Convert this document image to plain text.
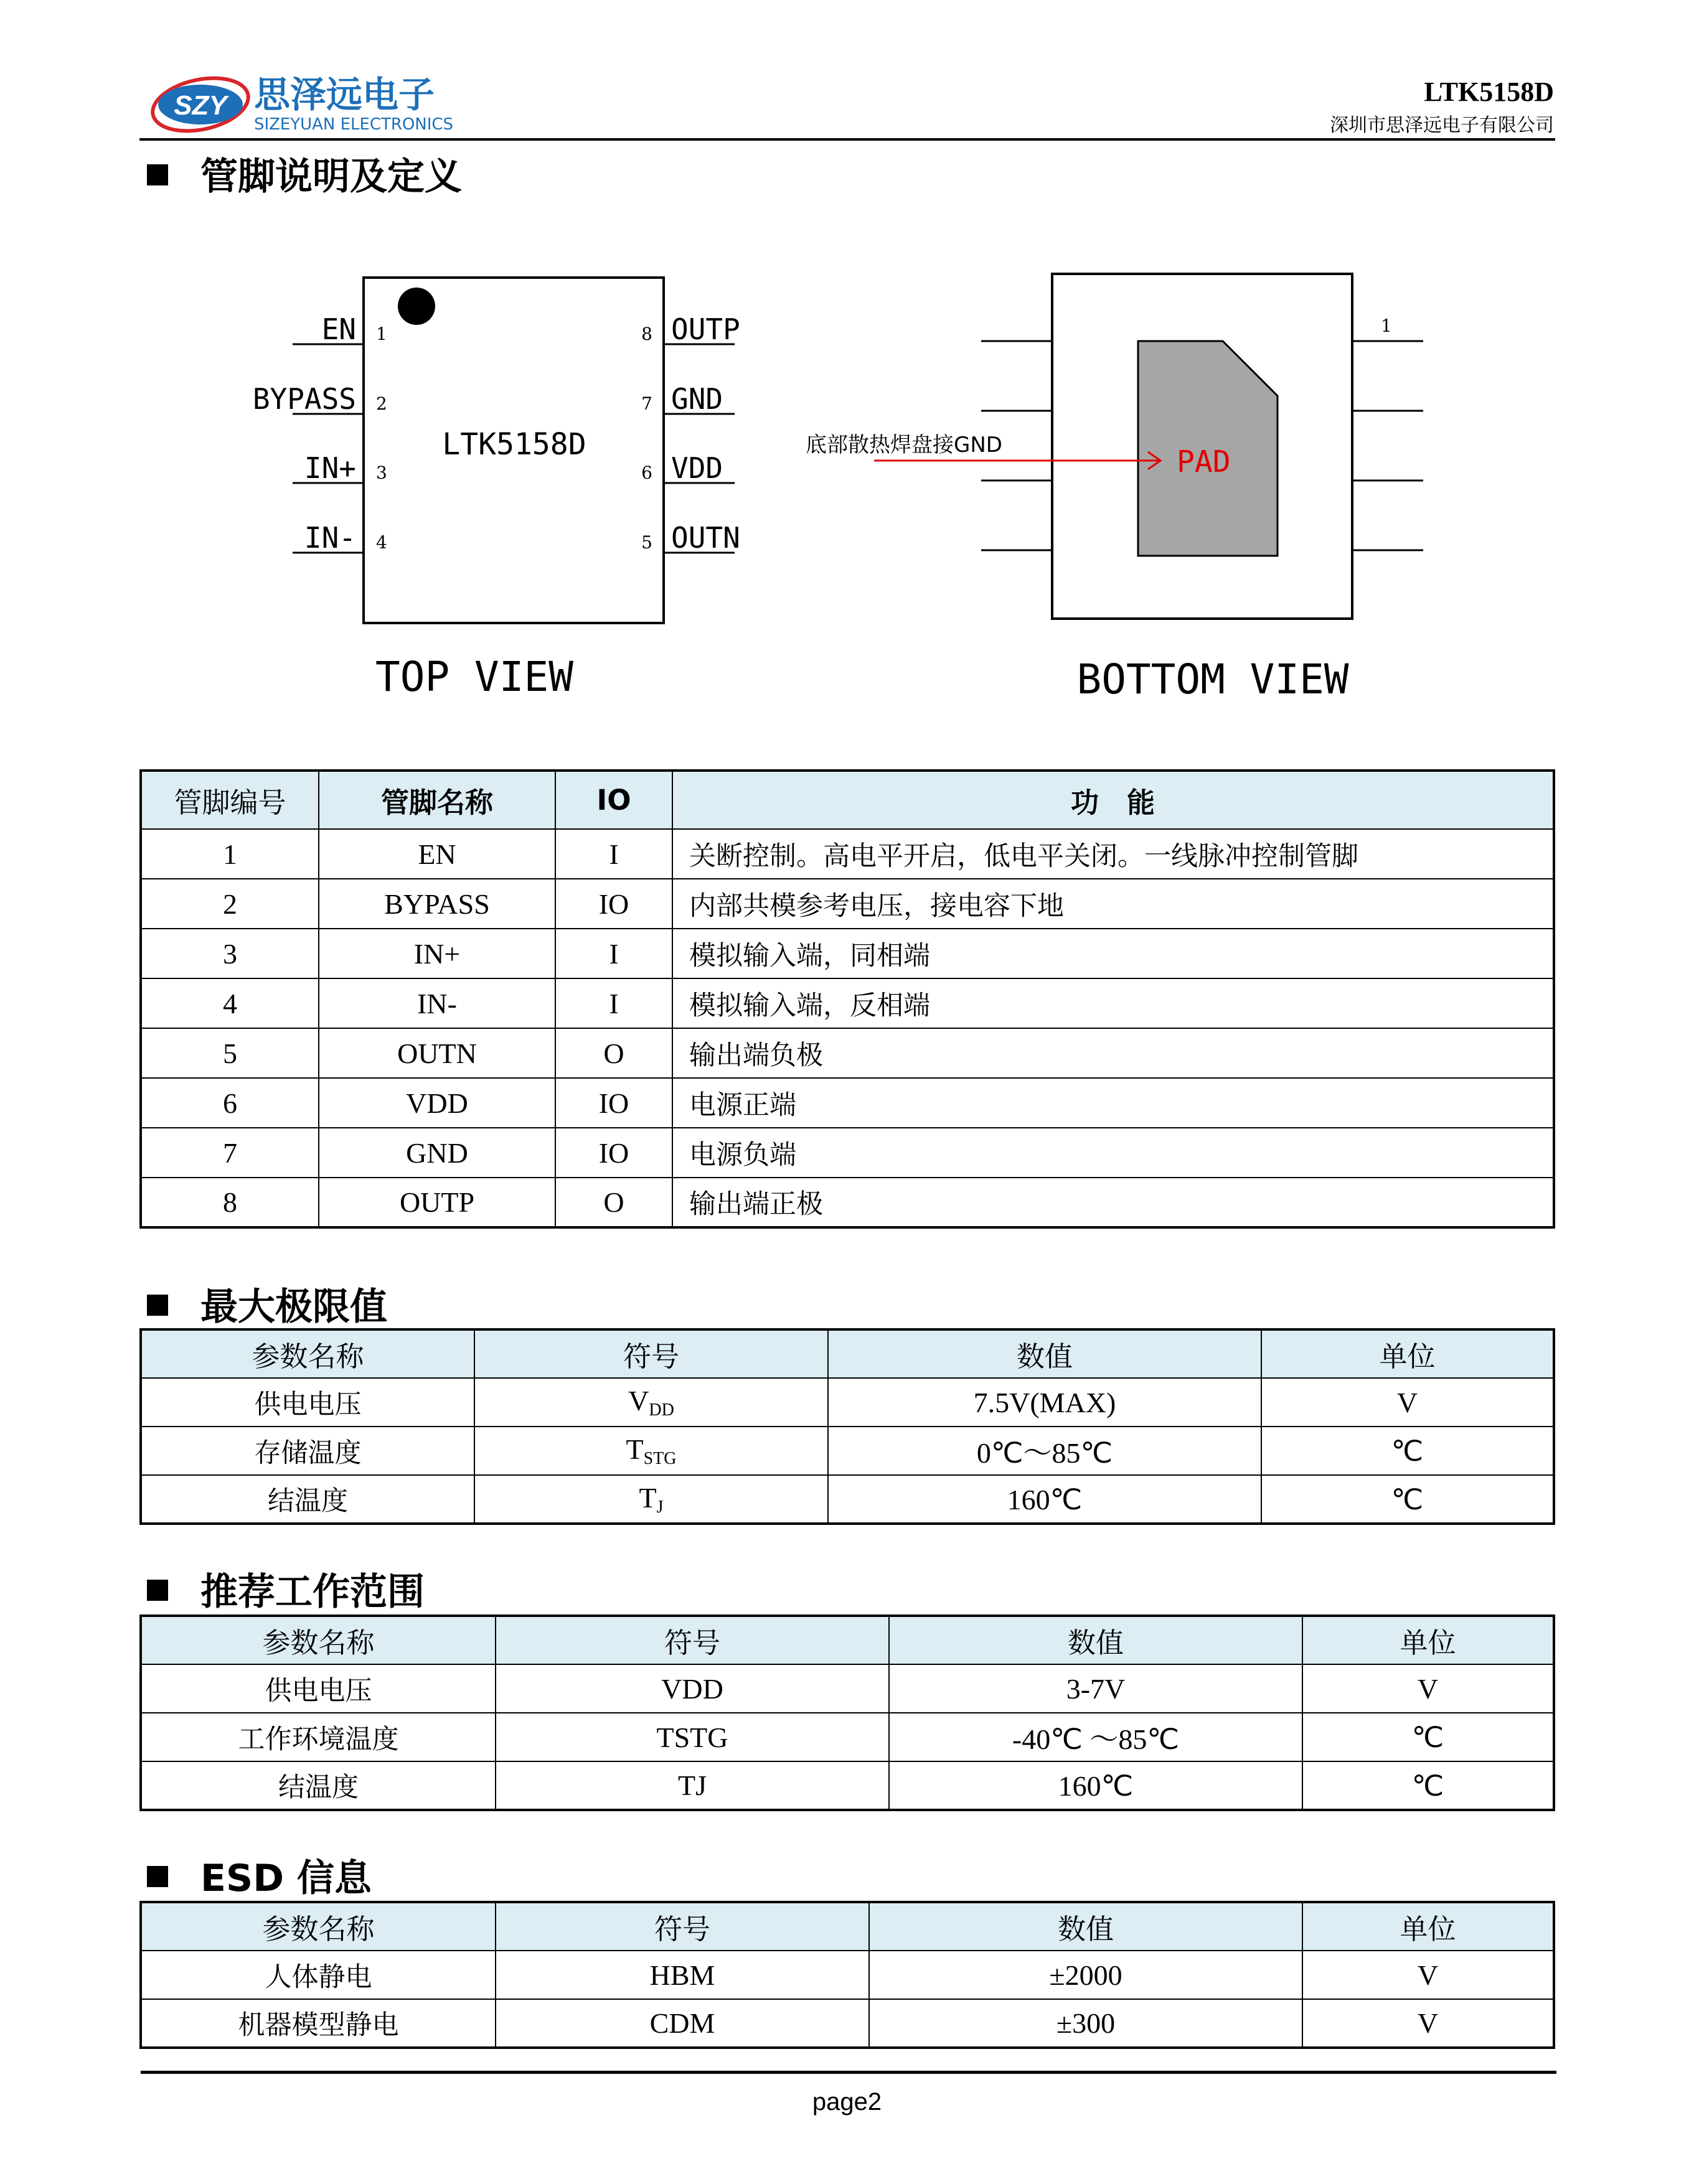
SZY 思泽远电子
SIZEYUAN ELECTRONICS
LTK5158D
深圳市思泽远电子有限公司
管脚说明及定义
LTK5158D
EN
BYPASS
IN+
IN-
OUTP
GND
VDD
OUTN
1
2
3
4
8
7
6
5
TOP VIEW
1
PAD
底部散热焊盘接GND
BOTTOM VIEW
管脚编号	管脚名称	IO	功　能
1	EN	I	关断控制。高电平开启，低电平关闭。一线脉冲控制管脚
2	BYPASS	IO	内部共模参考电压，接电容下地
3	IN+	I	模拟输入端，同相端
4	IN-	I	模拟输入端，反相端
5	OUTN	O	输出端负极
6	VDD	IO	电源正端
7	GND	IO	电源负端
8	OUTP	O	输出端正极
最大极限值
参数名称	符号	数值	单位
供电电压	$V_{DD}$	7.5V(MAX)	V
存储温度	$T_{STG}$	0℃～85℃	℃
结温度	$T_J$	160℃	℃
推荐工作范围
参数名称	符号	数值	单位
供电电压	VDD	3-7V	V
工作环境温度	TSTG	-40℃ ～85℃	℃
结温度	TJ	160℃	℃
ESD 信息
参数名称	符号	数值	单位
人体静电	HBM	±2000	V
机器模型静电	CDM	±300	V
page2
